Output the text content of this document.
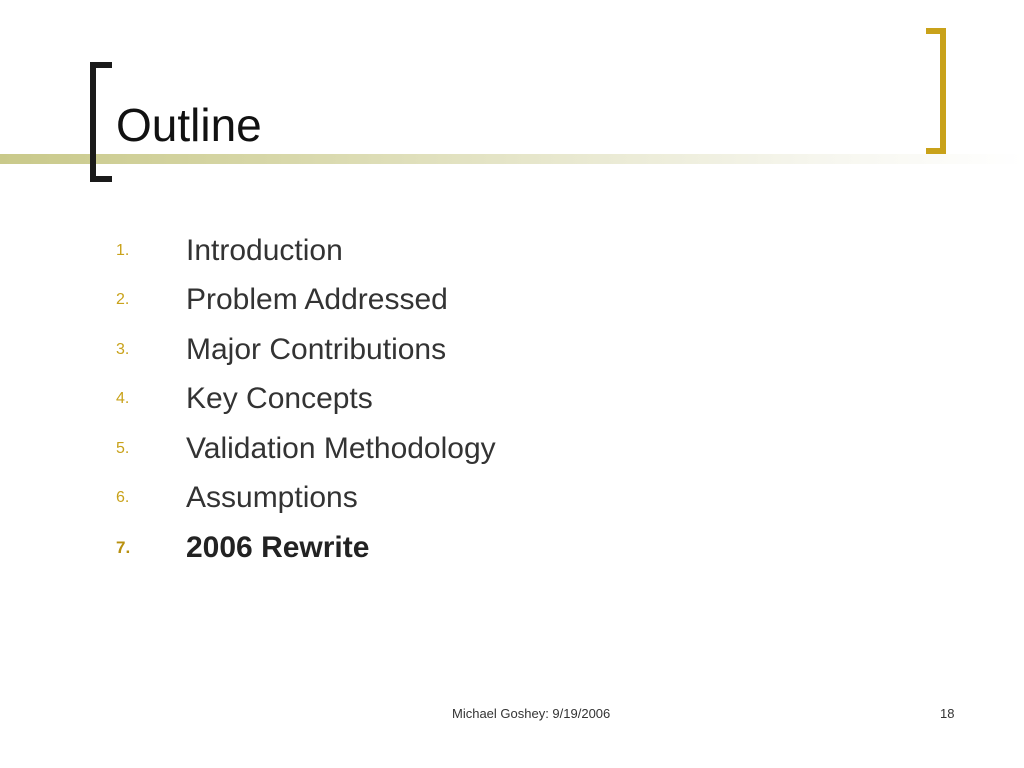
Outline
1.	Introduction
2.	Problem Addressed
3.	Major Contributions
4.	Key Concepts
5.	Validation Methodology
6.	Assumptions
7.	2006 Rewrite
Michael Goshey: 9/19/2006	18
